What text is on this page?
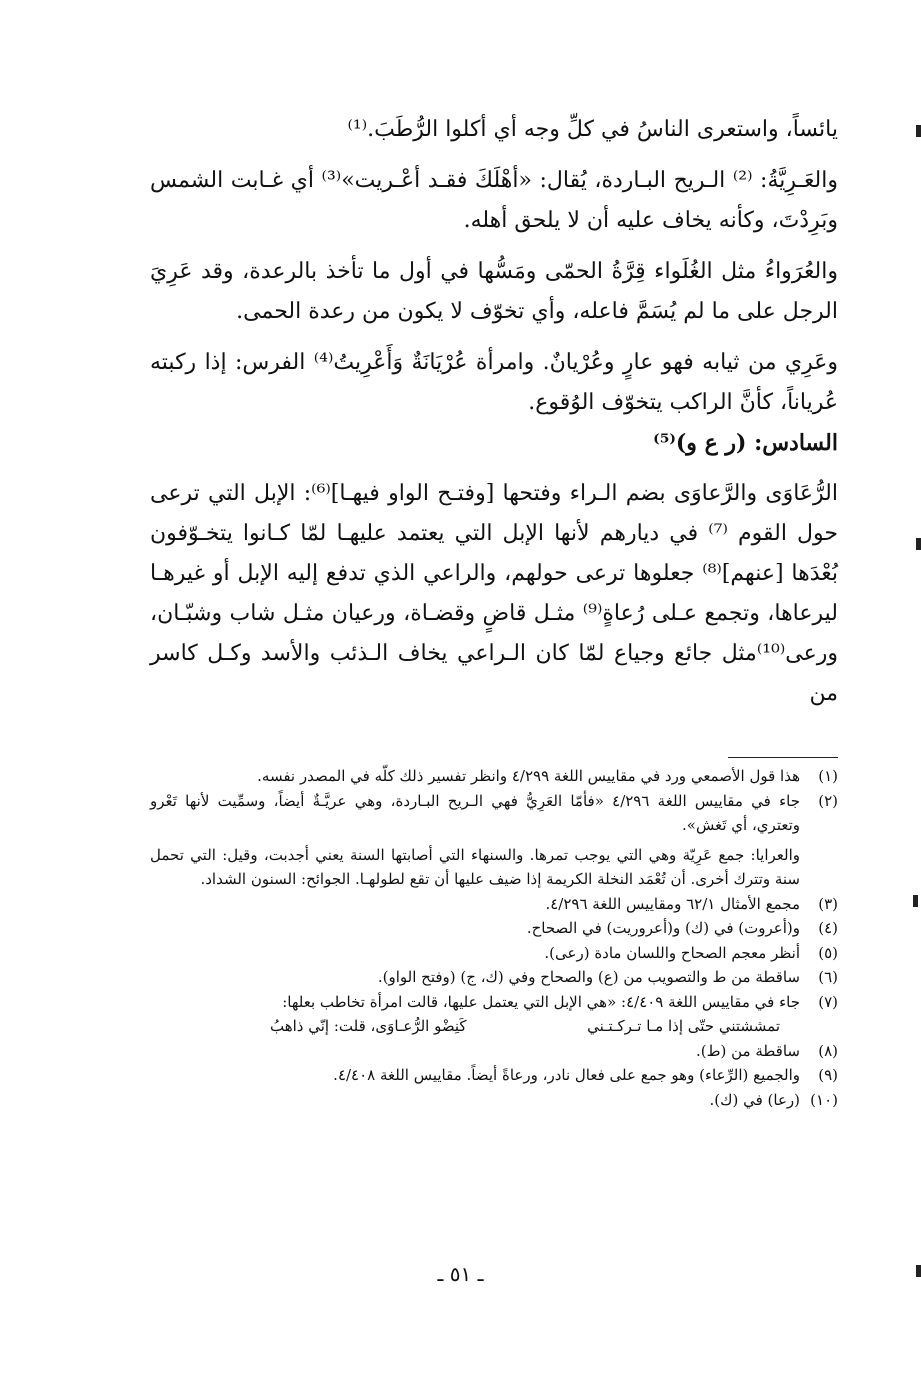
يائساً، واستعرى الناسُ في كلِّ وجه أي أكلوا الرُّطَبَ.⁽¹⁾

والعَـرِيَّةُ: ⁽²⁾ الـريح البـاردة، يُقال: «أهْلَكَ فقـد أعْـريت»⁽³⁾ أي غـابت الشمس وبَرِدْتَ، وكأنه يخاف عليه أن لا يلحق أهله.

والعُرَواءُ مثل الغُلَواء قِرَّةُ الحمّى ومَسُّها في أول ما تأخذ بالرعدة، وقد عَرِيَ الرجل على ما لم يُسَمَّ فاعله، وأي تخوّف لا يكون من رعدة الحمى.

وعَرِي من ثيابه فهو عارٍ وعُرْيانٌ. وامرأة عُرْيَانَةٌ وَأَعْرِيتُ⁽⁴⁾ الفرس: إذا ركبته عُرياناً، كأنَّ الراكب يتخوّف الوُقوع.

السادس: (ر ع و)⁽⁵⁾

الرُّعَاوَى والرَّعاوَى بضم الـراء وفتحها [وفتـح الواو فيهـا]⁽⁶⁾: الإبل التي ترعى حول القوم ⁽⁷⁾ في ديارهم لأنها الإبل التي يعتمد عليهـا لمّا كـانوا يتخـوّفون بُعْدَها [عنهم]⁽⁸⁾ جعلوها ترعى حولهم، والراعي الذي تدفع إليه الإبل أو غيرهـا ليرعاها، وتجمع عـلى رُعاةٍ⁽⁹⁾ مثـل قاضٍ وقضـاة، ورعيان مثـل شاب وشبّـان، ورعى⁽¹⁰⁾مثل جائع وجياع لمّا كان الـراعي يخاف الـذئب والأسد وكـل كاسر من

(١)
هذا قول الأصمعي ورد في مقاييس اللغة ٤/٢٩٩ وانظر تفسير ذلك كلّه في المصدر نفسه.
(٢)
جاء في مقاييس اللغة ٤/٢٩٦ «فأمّا العَرِيُّ فهي الـريح البـاردة، وهي عريَّـةٌ أيضاً، وسمِّيت لأنها تَعْرو وتعتري، أي تَغش».

والعرايا: جمع عَرِيّة وهي التي يوجب تمرها. والسنهاء التي أصابتها السنة يعني أجدبت، وقيل: التي تحمل سنة وتترك أخرى. أن تُعْمَد النخلة الكريمة إذا ضيف عليها أن تقع لطولهـا. الجوائح: السنون الشداد.

(٣)
مجمع الأمثال ٦٢/١ ومقاييس اللغة ٤/٢٩٦.
(٤)
و(أعروت) في (ك) و(أعروريت) في الصحاح.
(٥)
أنظر معجم الصحاح واللسان مادة (رعى).
(٦)
ساقطة من ط والتصويب من (ع) والصحاح وفي (ك، ج) (وفتح الواو).
(٧)
جاء في مقاييس اللغة ٤/٤٠٩: «هي الإبل التي يعتمل عليها، قالت امرأة تخاطب بعلها:
تمششتني حتّى إذا مـا تـركـتـني
كَنِضْو الرُّعـاوَى، قلت: إنّي ذاهبُ
(٨)
ساقطة من (ط).
(٩)
والجميع (الرِّعاء) وهو جمع على فعال نادر، ورعاةً أيضاً. مقاييس اللغة ٤/٤٠٨.
(١٠)
(رعا) في (ك).
ـ ٥١ ـ
